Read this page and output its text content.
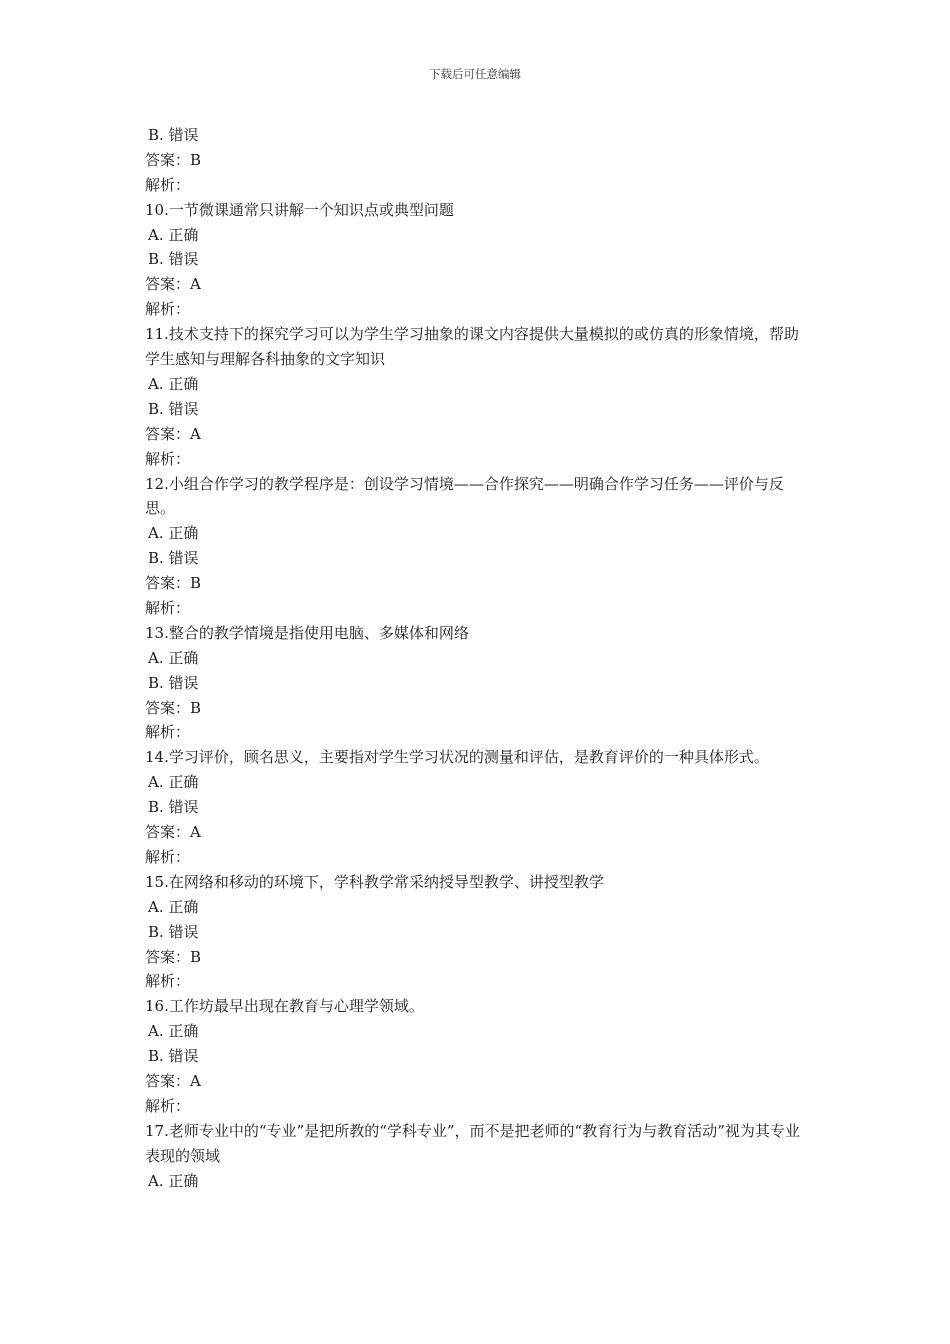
下载后可任意编辑
B. 错误
答案：B
解析：
10.一节微课通常只讲解一个知识点或典型问题
A. 正确
B. 错误
答案：A
解析：
11.技术支持下的探究学习可以为学生学习抽象的课文内容提供大量模拟的或仿真的形象情境，帮助学生感知与理解各科抽象的文字知识
A. 正确
B. 错误
答案：A
解析：
12.小组合作学习的教学程序是：创设学习情境——合作探究——明确合作学习任务——评价与反思。
A. 正确
B. 错误
答案：B
解析：
13.整合的教学情境是指使用电脑、多媒体和网络
A. 正确
B. 错误
答案：B
解析：
14.学习评价，顾名思义，主要指对学生学习状况的测量和评估，是教育评价的一种具体形式。
A. 正确
B. 错误
答案：A
解析：
15.在网络和移动的环境下，学科教学常采纳授导型教学、讲授型教学
A. 正确
B. 错误
答案：B
解析：
16.工作坊最早出现在教育与心理学领域。
A. 正确
B. 错误
答案：A
解析：
17.老师专业中的“专业”是把所教的“学科专业”，而不是把老师的“教育行为与教育活动”视为其专业表现的领域
A. 正确
